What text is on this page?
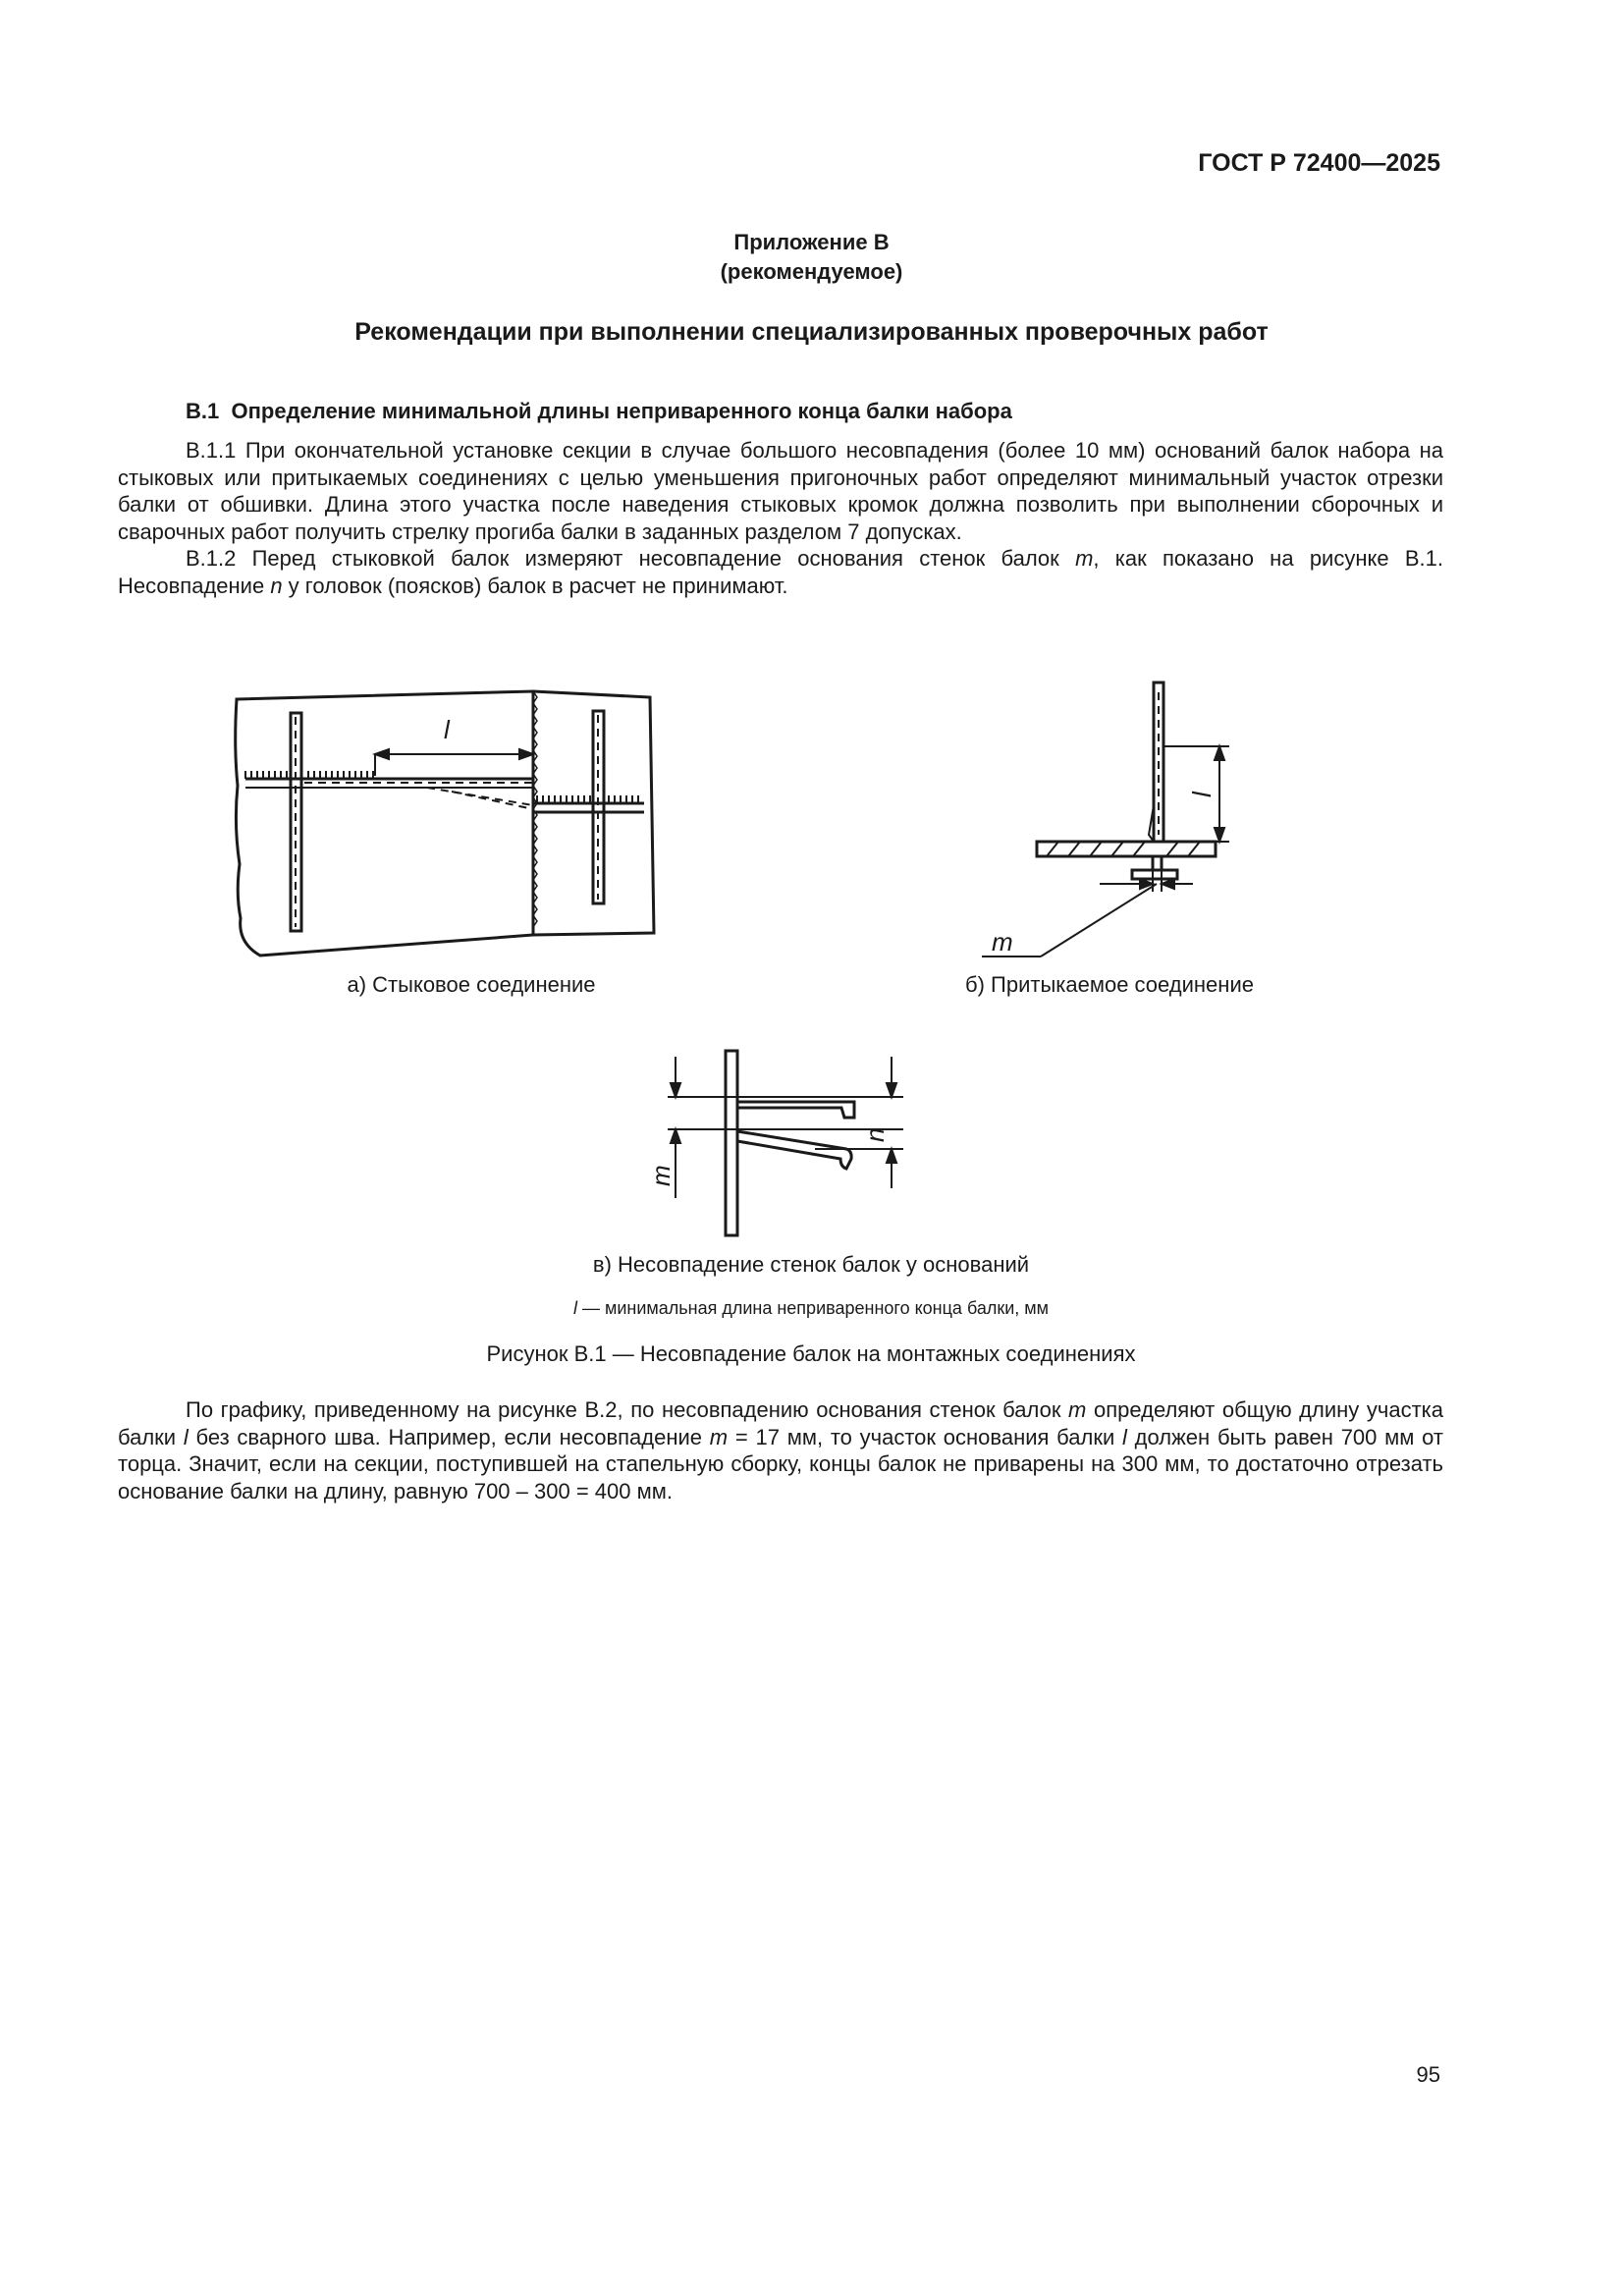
ГОСТ Р 72400—2025
Приложение В
(рекомендуемое)
Рекомендации при выполнении специализированных проверочных работ
В.1 Определение минимальной длины неприваренного конца балки набора

В.1.1 При окончательной установке секции в случае большого несовпадения (более 10 мм) оснований балок набора на стыковых или притыкаемых соединениях с целью уменьшения пригоночных работ определяют минимальный участок отрезки балки от обшивки. Длина этого участка после наведения стыковых кромок должна позволить при выполнении сборочных и сварочных работ получить стрелку прогиба балки в заданных разделом 7 допусках.

В.1.2 Перед стыковкой балок измеряют несовпадение основания стенок балок m, как показано на рисунке В.1. Несовпадение n у головок (поясков) балок в расчет не принимают.

l
а) Стыковое соединение
l
m
б) Притыкаемое соединение
m
n
в) Несовпадение стенок балок у оснований
l — минимальная длина неприваренного конца балки, мм
Рисунок В.1 — Несовпадение балок на монтажных соединениях

По графику, приведенному на рисунке В.2, по несовпадению основания стенок балок m определяют общую длину участка балки l без сварного шва. Например, если несовпадение m = 17 мм, то участок основания балки l должен быть равен 700 мм от торца. Значит, если на секции, поступившей на стапельную сборку, концы балок не приварены на 300 мм, то достаточно отрезать основание балки на длину, равную 700 – 300 = 400 мм.

95
